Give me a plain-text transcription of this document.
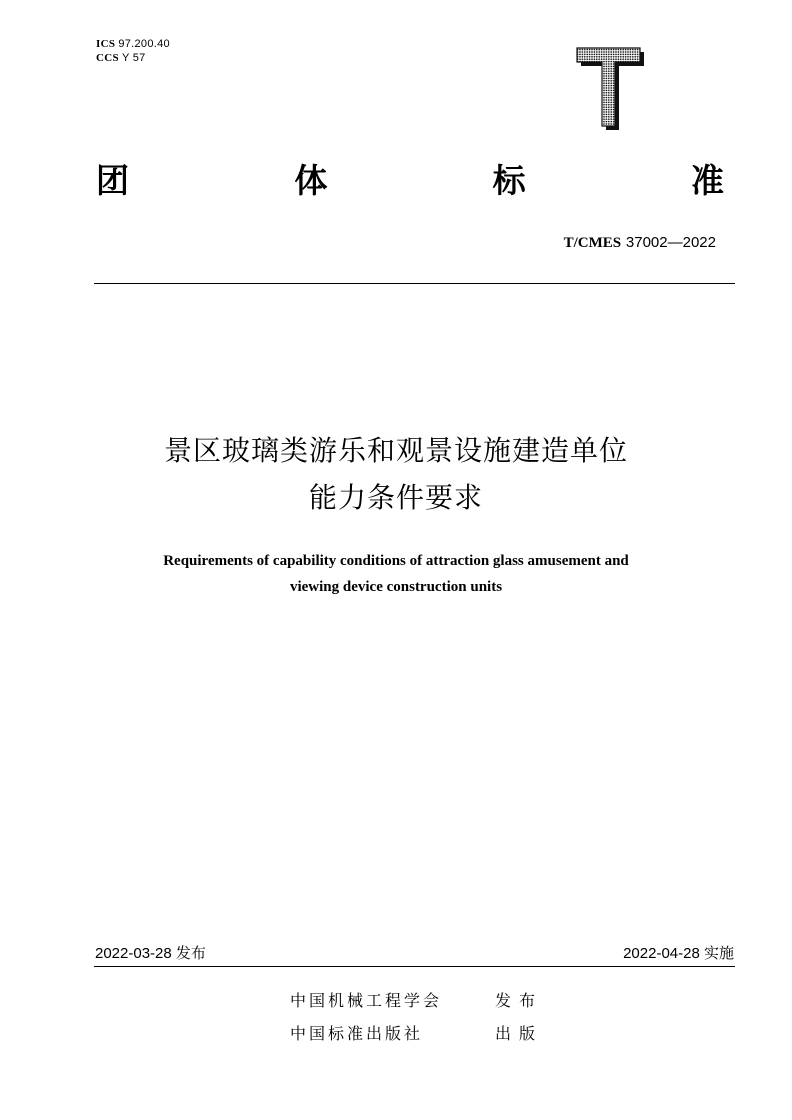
ICS 97.200.40
CCS Y 57
T
团	体	标	准
T/CMES 37002—2022
景区玻璃类游乐和观景设施建造单位
能力条件要求
Requirements of capability conditions of attraction glass amusement and
viewing device construction units
2022-03-28 发布	2022-04-28 实施
中国机械工程学会	发布
中国标准出版社	出版
